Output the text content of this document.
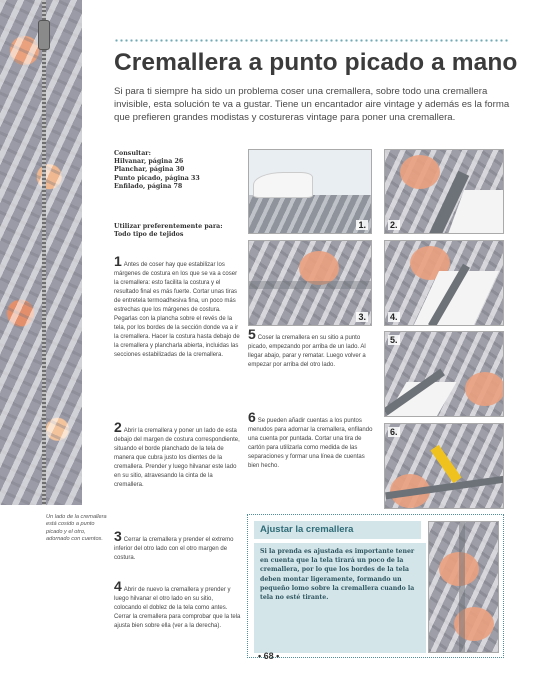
Un lado de la cremallera está cosido a punto picado y el otro, adornado con cuentos.
Cremallera a punto picado a mano

Si para ti siempre ha sido un problema coser una cremallera, sobre todo una cremallera invisible, esta solución te va a gustar. Tiene un encantador aire vintage y además es la forma que prefieren grandes modistas y costureras vintage para poner una cremallera.

Consultar:
Hilvanar, página 26
Planchar, página 30
Punto picado, página 33
Enfilado, página 78
Utilizar preferentemente para:
Todo tipo de tejidos
1 Antes de coser hay que estabilizar los márgenes de costura en los que se va a coser la cremallera: esto facilita la costura y el resultado final es más fuerte. Cortar unas tiras de entretela termoadhesiva fina, un poco más estrechas que los márgenes de costura. Pegarlas con la plancha sobre el revés de la tela, por los bordes de la sección donde va a ir la cremallera. Hacer la costura hasta debajo de la cremallera y plancharla abierta, incluidas las secciones estabilizadas de la cremallera.
2 Abrir la cremallera y poner un lado de esta debajo del margen de costura correspondiente, situando el borde planchado de la tela de manera que cubra justo los dientes de la cremallera. Prender y luego hilvanar este lado en su sitio, atravesando la cinta de la cremallera.
3 Cerrar la cremallera y prender el extremo inferior del otro lado con el otro margen de costura.
4 Abrir de nuevo la cremallera y prender y luego hilvanar el otro lado en su sitio, colocando el doblez de la tela como antes. Cerrar la cremallera para comprobar que la tela ajusta bien sobre ella (ver a la derecha).
5 Coser la cremallera en su sitio a punto picado, empezando por arriba de un lado. Al llegar abajo, parar y rematar. Luego volver a empezar por arriba del otro lado.
6 Se pueden añadir cuentas a los puntos menudos para adornar la cremallera, enfilando una cuenta por puntada. Cortar una tira de cartón para utilizarla como medida de las separaciones y formar una línea de cuentas bien hecho.
1.	2.
3.	4.
5.
6.
Ajustar la cremallera
Si la prenda es ajustada es importante tener en cuenta que la tela tirará un poco de la cremallera, por lo que los bordes de la tela deben montar ligeramente, formando un pequeño lomo sobre la cremallera cuando la tela no esté tirante.
• 68 •
